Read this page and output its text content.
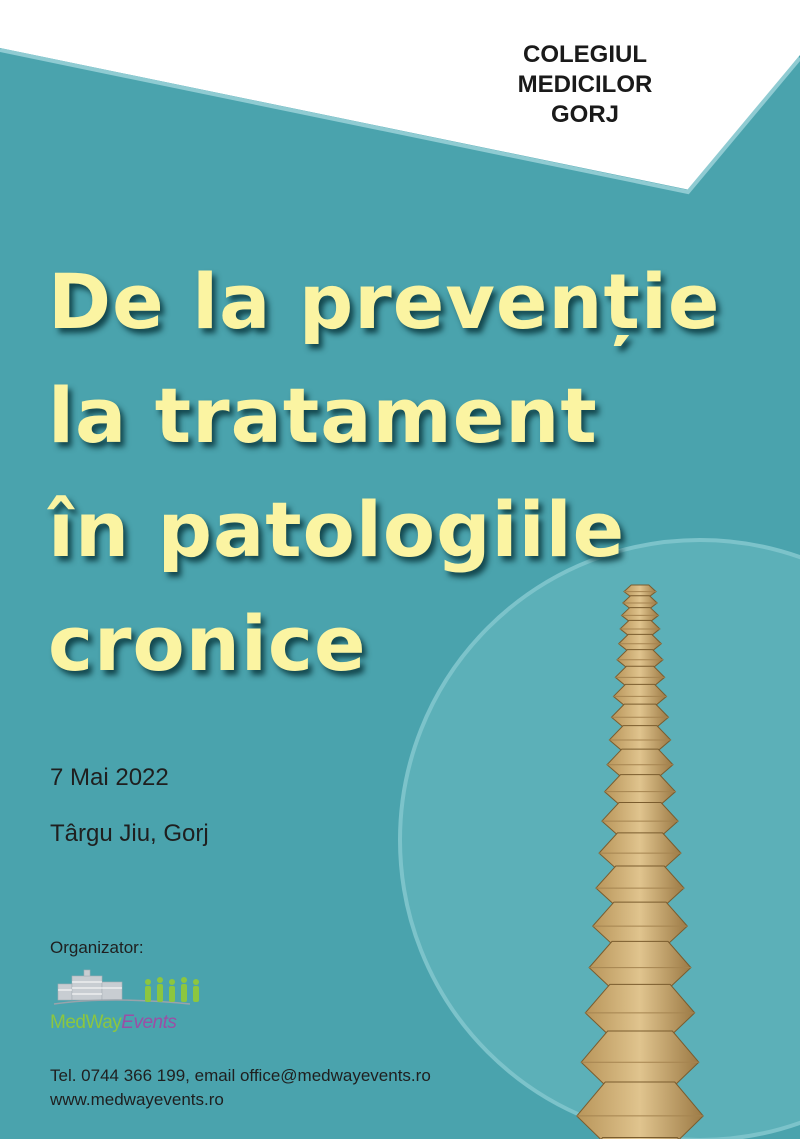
COLEGIUL
MEDICILOR
GORJ
De la prevenție
la tratament
în patologiile
cronice
7 Mai 2022
Târgu Jiu, Gorj
Organizator:
MedWayEvents
Tel. 0744 366 199, email office@medwayevents.ro
www.medwayevents.ro
